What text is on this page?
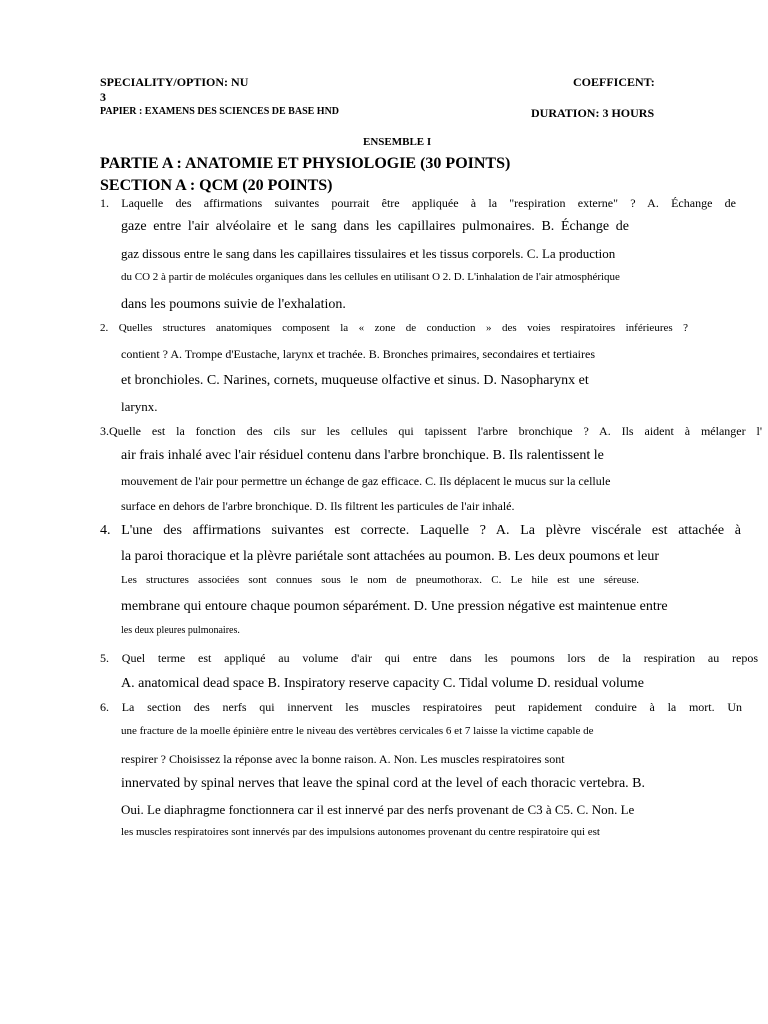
SPECIALITY/OPTION: NU
3
PAPIER : EXAMENS DES SCIENCES DE BASE HND
COEFFICENT:
DURATION: 3 HOURS
ENSEMBLE I
PARTIE A : ANATOMIE ET PHYSIOLOGIE (30 POINTS)
SECTION A : QCM (20 POINTS)
1. Laquelle des affirmations suivantes pourrait être appliquée à la "respiration externe" ? A. Échange de
gaze entre l'air alvéolaire et le sang dans les capillaires pulmonaires. B. Échange de
gaz dissous entre le sang dans les capillaires tissulaires et les tissus corporels. C. La production
du CO 2 à partir de molécules organiques dans les cellules en utilisant O 2. D. L'inhalation de l'air atmosphérique
dans les poumons suivie de l'exhalation.
2. Quelles structures anatomiques composent la « zone de conduction » des voies respiratoires inférieures ?
contient ? A. Trompe d'Eustache, larynx et trachée. B. Bronches primaires, secondaires et tertiaires
et bronchioles. C. Narines, cornets, muqueuse olfactive et sinus. D. Nasopharynx et
larynx.
3.Quelle est la fonction des cils sur les cellules qui tapissent l'arbre bronchique ? A. Ils aident à mélanger l'
air frais inhalé avec l'air résiduel contenu dans l'arbre bronchique. B. Ils ralentissent le
mouvement de l'air pour permettre un échange de gaz efficace. C. Ils déplacent le mucus sur la cellule
surface en dehors de l'arbre bronchique. D. Ils filtrent les particules de l'air inhalé.
4. L'une des affirmations suivantes est correcte. Laquelle ? A. La plèvre viscérale est attachée à
la paroi thoracique et la plèvre pariétale sont attachées au poumon. B. Les deux poumons et leur
Les structures associées sont connues sous le nom de pneumothorax. C. Le hile est une séreuse.
membrane qui entoure chaque poumon séparément. D. Une pression négative est maintenue entre
les deux pleures pulmonaires.
5. Quel terme est appliqué au volume d'air qui entre dans les poumons lors de la respiration au repos
A. anatomical dead space B. Inspiratory reserve capacity C. Tidal volume D. residual volume
6. La section des nerfs qui innervent les muscles respiratoires peut rapidement conduire à la mort. Un
une fracture de la moelle épinière entre le niveau des vertèbres cervicales 6 et 7 laisse la victime capable de
respirer ? Choisissez la réponse avec la bonne raison. A. Non. Les muscles respiratoires sont
innervated by spinal nerves that leave the spinal cord at the level of each thoracic vertebra. B.
Oui. Le diaphragme fonctionnera car il est innervé par des nerfs provenant de C3 à C5. C. Non. Le
les muscles respiratoires sont innervés par des impulsions autonomes provenant du centre respiratoire qui est
